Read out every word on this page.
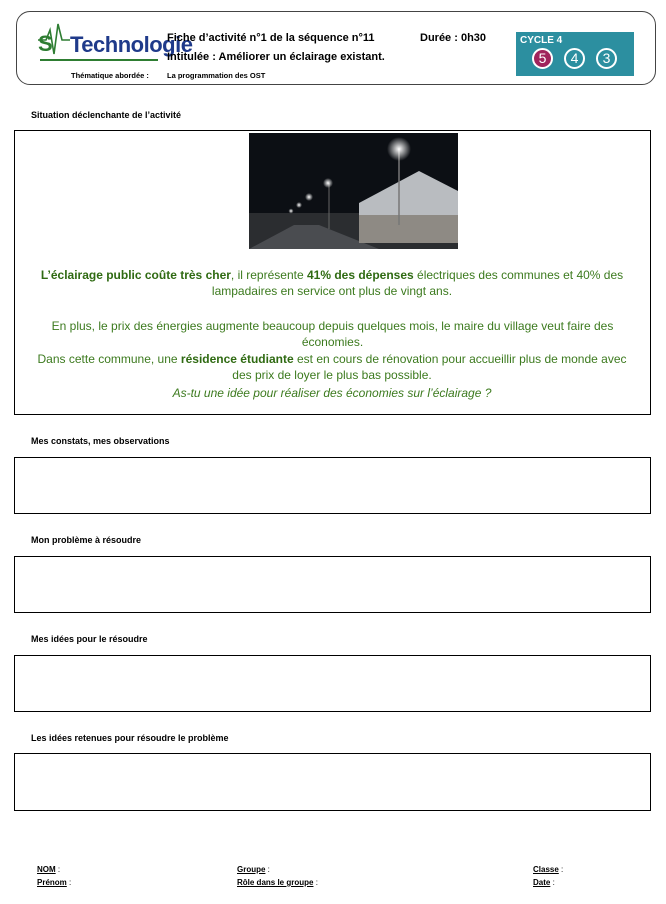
S Technologie
Fiche d’activité n°1 de la séquence n°11	Durée : 0h30
Intitulée : Améliorer un éclairage existant.
Thématique abordée : La programmation des OST
CYCLE 4
5	4	3
Situation déclenchante de l’activité
L’éclairage public coûte très cher, il représente 41% des dépenses électriques des communes et 40% des lampadaires en service ont plus de vingt ans.
En plus, le prix des énergies augmente beaucoup depuis quelques mois, le maire du village veut faire des économies.
Dans cette commune, une résidence étudiante est en cours de rénovation pour accueillir plus de monde avec des prix de loyer le plus bas possible.
As-tu une idée pour réaliser des économies sur l’éclairage ?
Mes constats, mes observations
Mon problème à résoudre
Mes idées pour le résoudre
Les idées retenues pour résoudre le problème
NOM :
Prénom :
Groupe :
Rôle dans le groupe :
Classe :
Date :
